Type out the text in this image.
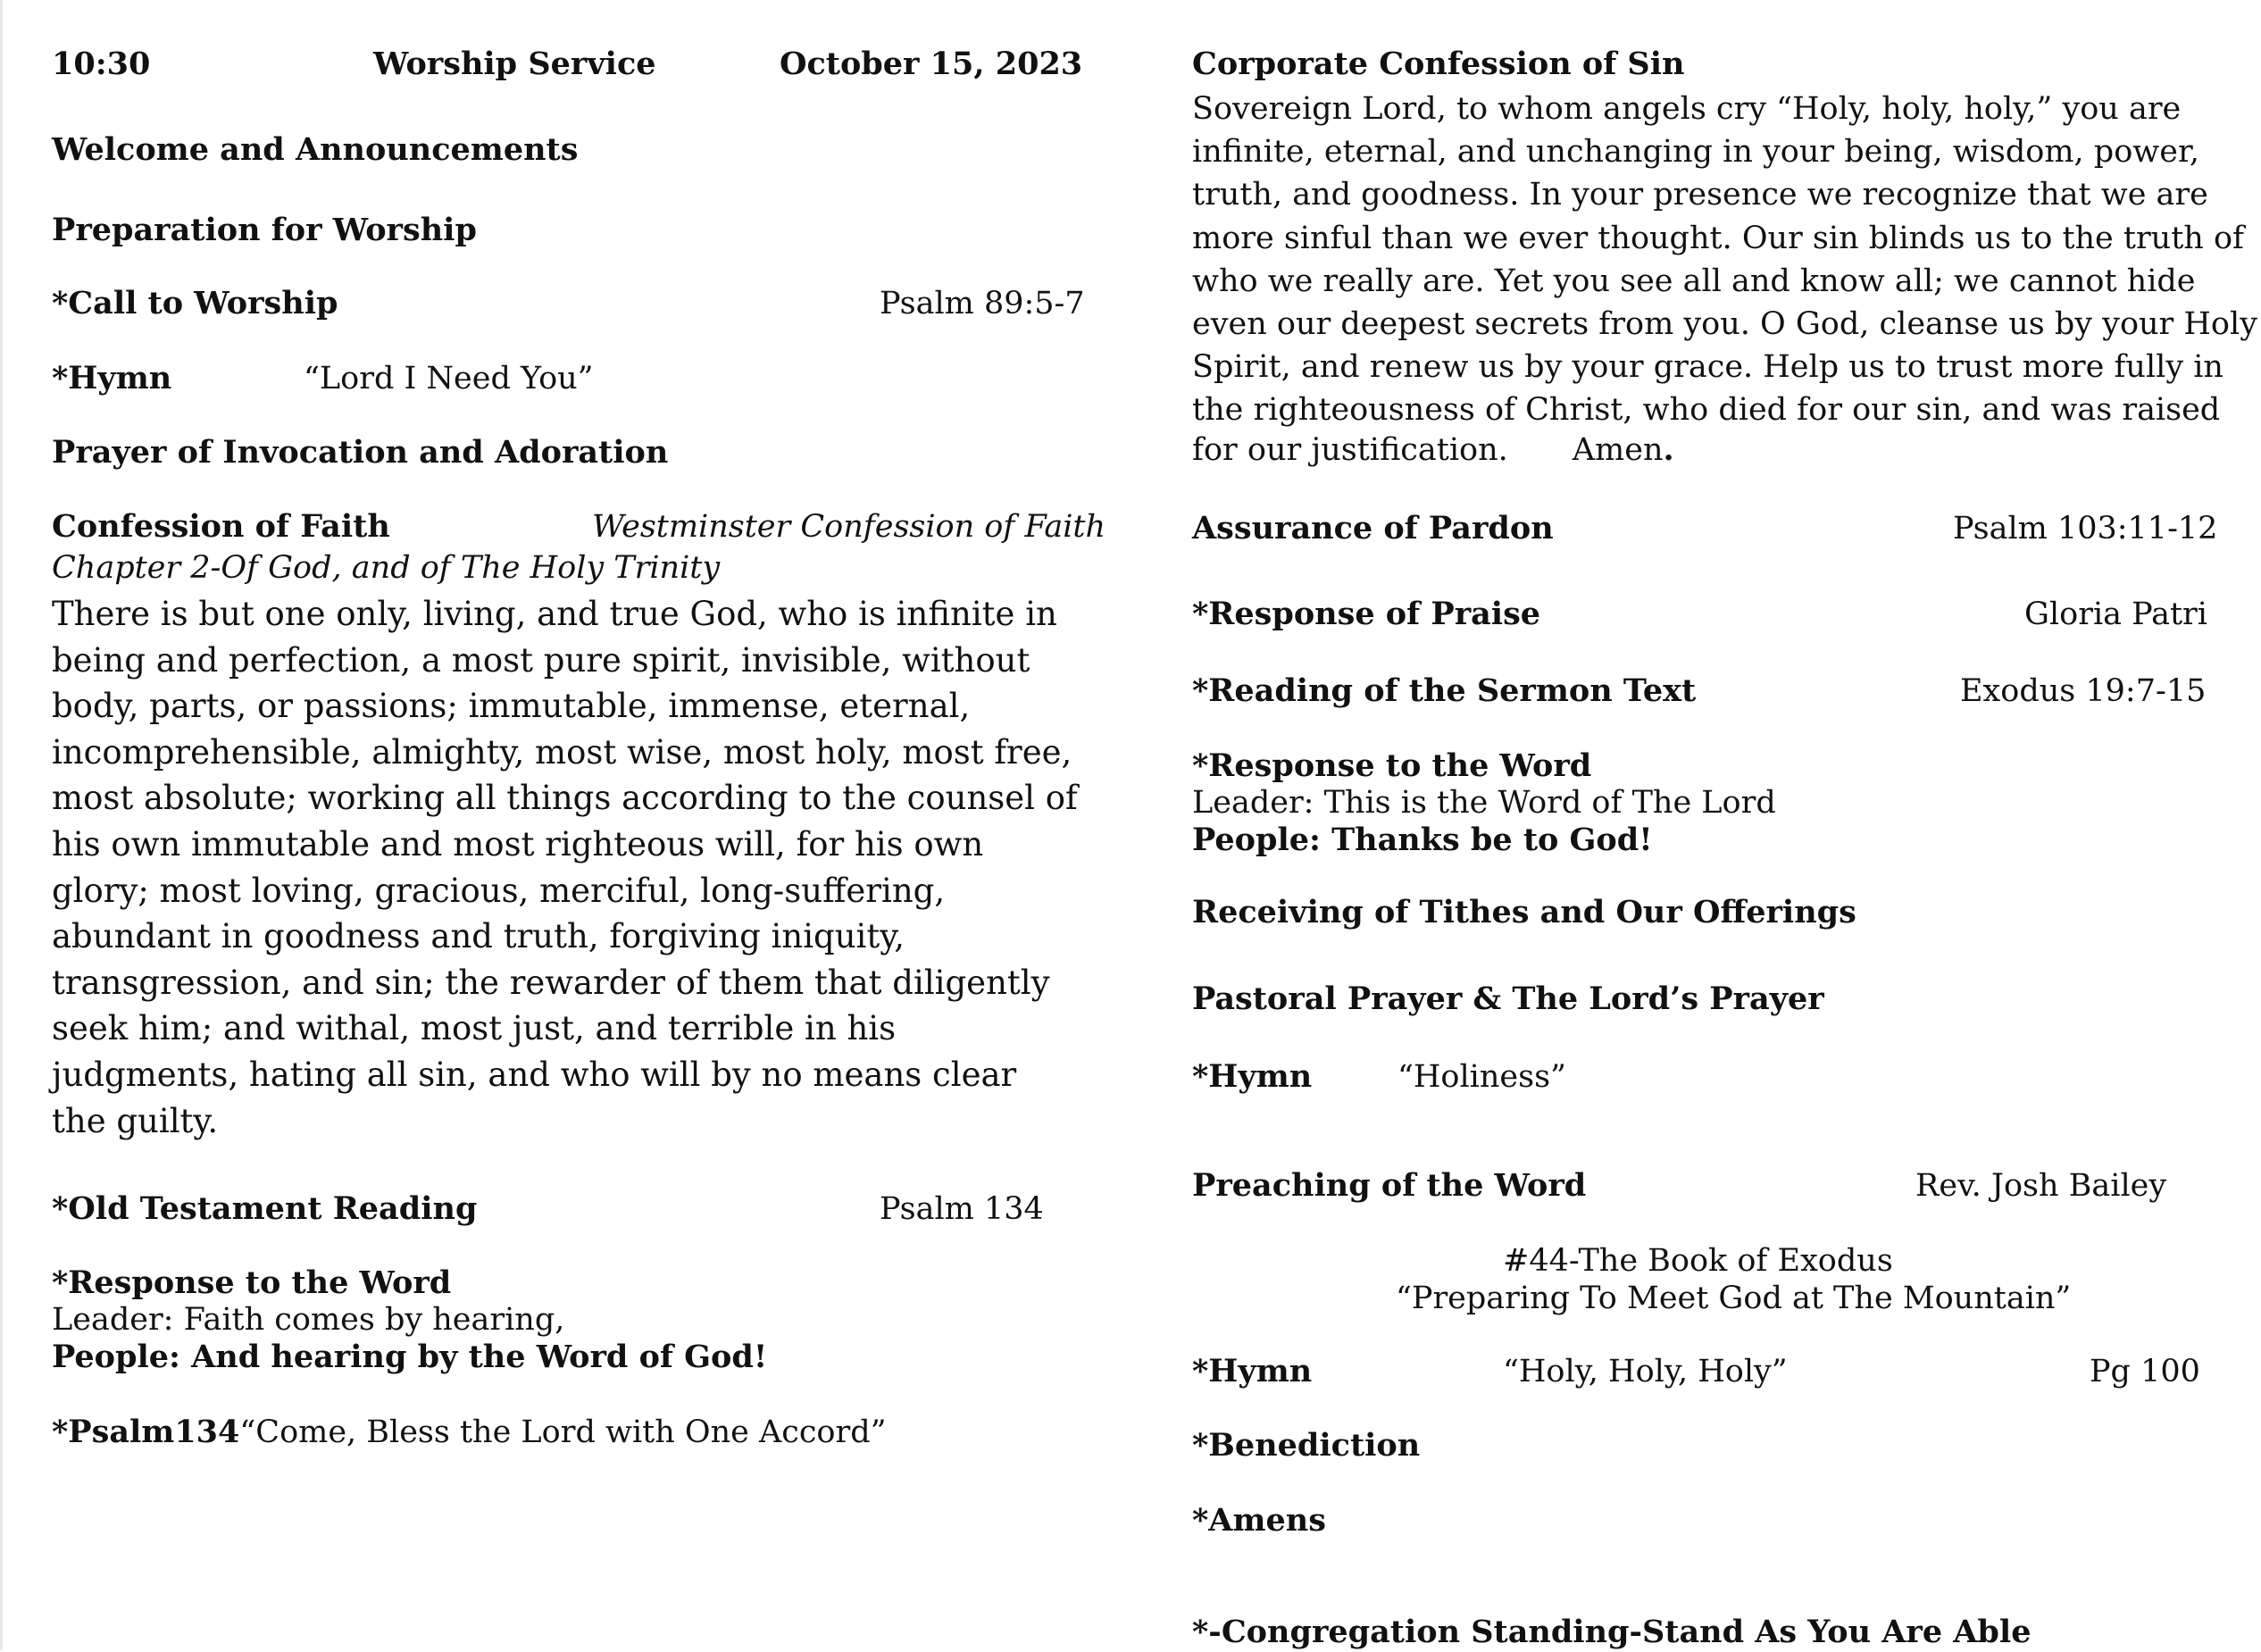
10:30	Worship Service	October 15, 2023
Welcome and Announcements
Preparation for Worship
*Call to Worship	Psalm 89:5-7
*Hymn	“Lord I Need You”
Prayer of Invocation and Adoration
Confession of Faith	Westminster Confession of Faith
Chapter 2-Of God, and of The Holy Trinity
There is but one only, living, and true God, who is infinite in
being and perfection, a most pure spirit, invisible, without
body, parts, or passions; immutable, immense, eternal,
incomprehensible, almighty, most wise, most holy, most free,
most absolute; working all things according to the counsel of
his own immutable and most righteous will, for his own
glory; most loving, gracious, merciful, long-suffering,
abundant in goodness and truth, forgiving iniquity,
transgression, and sin; the rewarder of them that diligently
seek him; and withal, most just, and terrible in his
judgments, hating all sin, and who will by no means clear
the guilty.
*Old Testament Reading	Psalm 134
*Response to the Word
Leader: Faith comes by hearing,
People: And hearing by the Word of God!
*Psalm134“Come, Bless the Lord with One Accord”
Corporate Confession of Sin
Sovereign Lord, to whom angels cry “Holy, holy, holy,” you are
infinite, eternal, and unchanging in your being, wisdom, power,
truth, and goodness. In your presence we recognize that we are
more sinful than we ever thought. Our sin blinds us to the truth of
who we really are. Yet you see all and know all; we cannot hide
even our deepest secrets from you. O God, cleanse us by your Holy
Spirit, and renew us by your grace. Help us to trust more fully in
the righteousness of Christ, who died for our sin, and was raised
for our justification. Amen.
Assurance of Pardon	Psalm 103:11-12
*Response of Praise	Gloria Patri
*Reading of the Sermon Text	Exodus 19:7-15
*Response to the Word
Leader: This is the Word of The Lord
People: Thanks be to God!
Receiving of Tithes and Our Offerings
Pastoral Prayer & The Lord’s Prayer
*Hymn	“Holiness”
Preaching of the Word	Rev. Josh Bailey
#44-The Book of Exodus
“Preparing To Meet God at The Mountain”
*Hymn	“Holy, Holy, Holy”	Pg 100
*Benediction
*Amens
*-Congregation Standing-Stand As You Are Able
